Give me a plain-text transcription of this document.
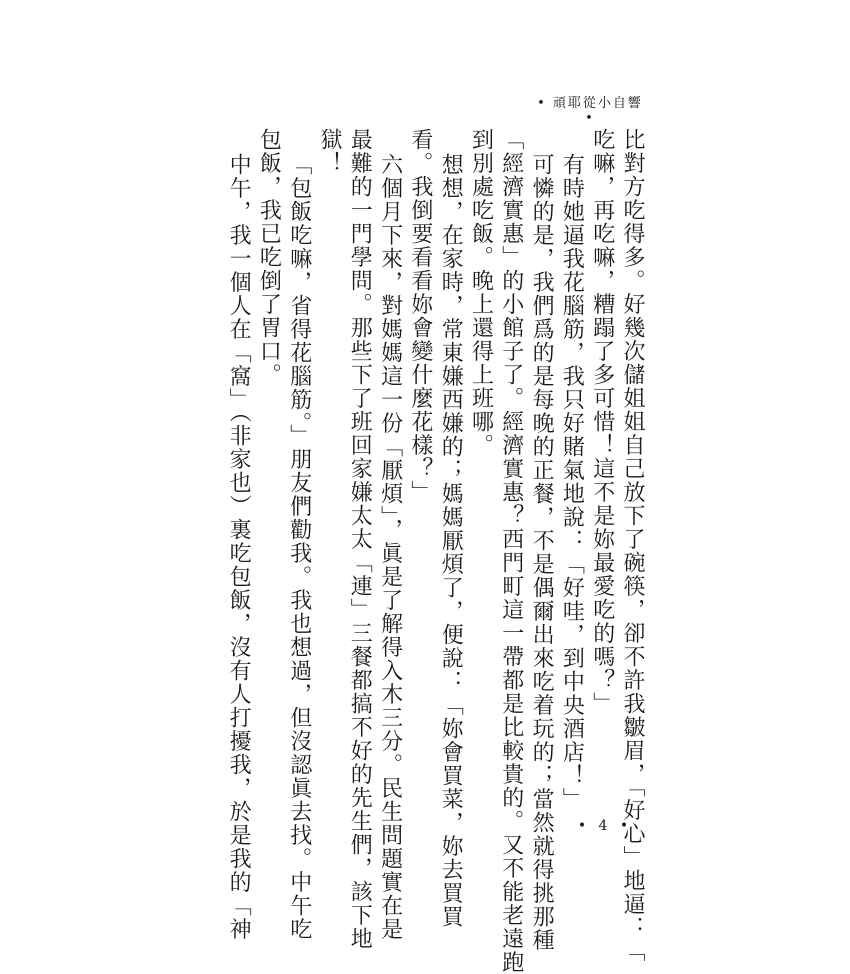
• 頑耶從小自響 •
比對方吃得多。好幾次儲姐姐自己放下了碗筷，卻不許我皺眉，「好心」地逼：「
吃嘛，再吃嘛，糟蹋了多可惜！這不是妳最愛吃的嗎？」
有時她逼我花腦筋，我只好賭氣地說：「好哇，到中央酒店！」
可憐的是，我們爲的是每晚的正餐，不是偶爾出來吃着玩的；當然就得挑那種
「經濟實惠」的小館子了。經濟實惠？西門町這一帶都是比較貴的。又不能老遠跑
到別處吃飯。晚上還得上班哪。
想想，在家時，常東嫌西嫌的；媽媽厭煩了，便說：「妳會買菜，妳去買買
看。我倒要看看妳會變什麼花樣？」
六個月下來，對媽媽這一份「厭煩」，眞是了解得入木三分。民生問題實在是
最難的一門學問。那些下了班回家嫌太太「連」三餐都搞不好的先生們，該下地
獄！
「包飯吃嘛，省得花腦筋。」朋友們勸我。我也想過，但沒認眞去找。中午吃
包飯，我已吃倒了胃口。
中午，我一個人在「窩」（非家也）裏吃包飯，沒有人打擾我，於是我的「神	• 4 •
